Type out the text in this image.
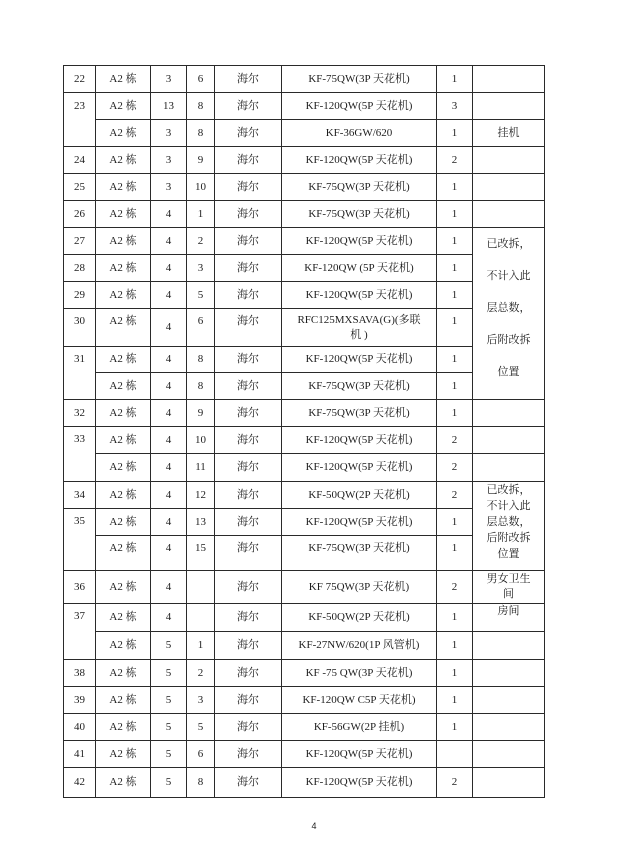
22	A2 栋	3	6	海尔	KF-75QW(3P 天花机)	1	
23	A2 栋	13	8	海尔	KF-120QW(5P 天花机)	3	
	A2 栋	3	8	海尔	KF-36GW/620	1	挂机
24	A2 栋	3	9	海尔	KF-120QW(5P 天花机)	2	
25	A2 栋	3	10	海尔	KF-75QW(3P 天花机)	1	
26	A2 栋	4	1	海尔	KF-75QW(3P 天花机)	1	
27	A2 栋	4	2	海尔	KF-120QW(5P 天花机)	1	已改拆，
不计入此
层总数，
后附改拆
位置

28	A2 栋	4	3	海尔	KF-120QW (5P 天花机)	1	
29	A2 栋	4	5	海尔	KF-120QW(5P 天花机)	1	
30	A2 栋	4	6	海尔	RFC125MXSAVA(G)(多联
机 )	1	
31	A2 栋	4	8	海尔	KF-120QW(5P 天花机)	1	
	A2 栋	4	8	海尔	KF-75QW(3P 天花机)	1	
32	A2 栋	4	9	海尔	KF-75QW(3P 天花机)	1	
33	A2 栋	4	10	海尔	KF-120QW(5P 天花机)	2	
	A2 栋	4	11	海尔	KF-120QW(5P 天花机)	2	
34	A2 栋	4	12	海尔	KF-50QW(2P 天花机)	2	已改拆，
不计入此
层总数，
后附改拆
位置

35	A2 栋	4	13	海尔	KF-120QW(5P 天花机)	1	
	A2 栋	4	15	海尔	KF-75QW(3P 天花机)	1	
36	A2 栋	4		海尔	KF 75QW(3P 天花机)	2	男女卫生
间

37	A2 栋	4		海尔	KF-50QW(2P 天花机)	1	房间
	A2 栋	5	1	海尔	KF-27NW/620(1P 风管机)	1	
38	A2 栋	5	2	海尔	KF -75 QW(3P 天花机)	1	
39	A2 栋	5	3	海尔	KF-120QW C5P 天花机)	1	
40	A2 栋	5	5	海尔	KF-56GW(2P 挂机)	1	
41	A2 栋	5	6	海尔	KF-120QW(5P 天花机)		
42	A2 栋	5	8	海尔	KF-120QW(5P 天花机)	2	
4
